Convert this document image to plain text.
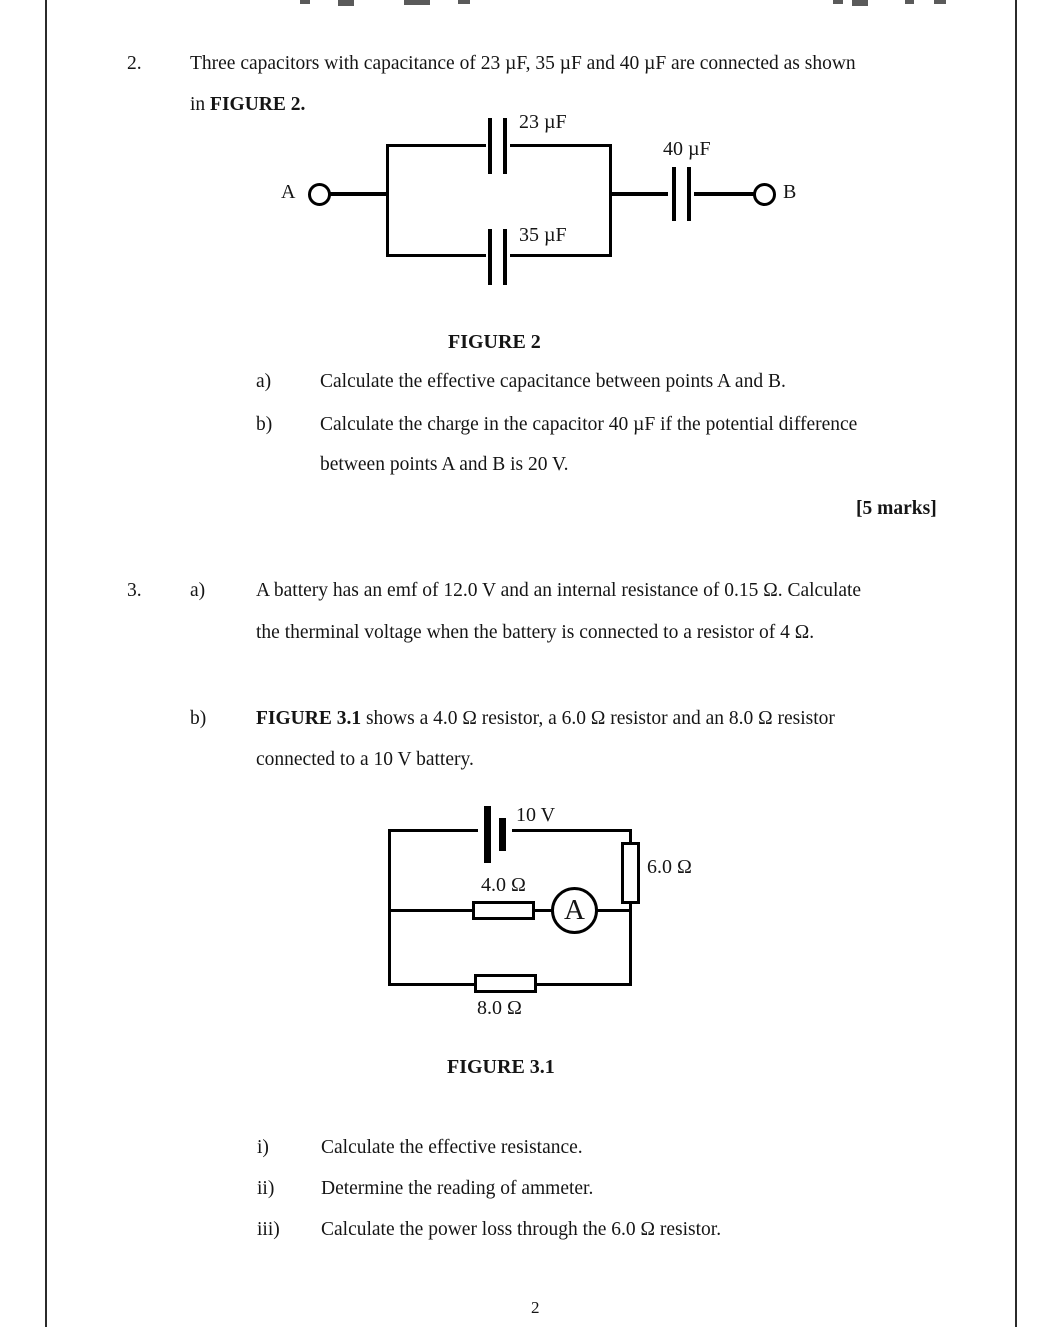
2. Three capacitors with capacitance of 23 µF, 35 µF and 40 µF are connected as shown
in FIGURE 2.
A
23 µF
35 µF
40 µF
B
FIGURE 2
a)	Calculate the effective capacitance between points A and B.
b) Calculate the charge in the capacitor 40 µF if the potential difference
between points A and B is 20 V.
[5 marks]
3. a)	A battery has an emf of 12.0 V and an internal resistance of 0.15 Ω. Calculate
the therminal voltage when the battery is connected to a resistor of 4 Ω.
b)	FIGURE 3.1 shows a 4.0 Ω resistor, a 6.0 Ω resistor and an 8.0 Ω resistor
connected to a 10 V battery.
10 V
6.0 Ω
4.0 Ω
A
8.0 Ω
FIGURE 3.1
i)	Calculate the effective resistance.
ii) Determine the reading of ammeter.
iii) Calculate the power loss through the 6.0 Ω resistor.
2
